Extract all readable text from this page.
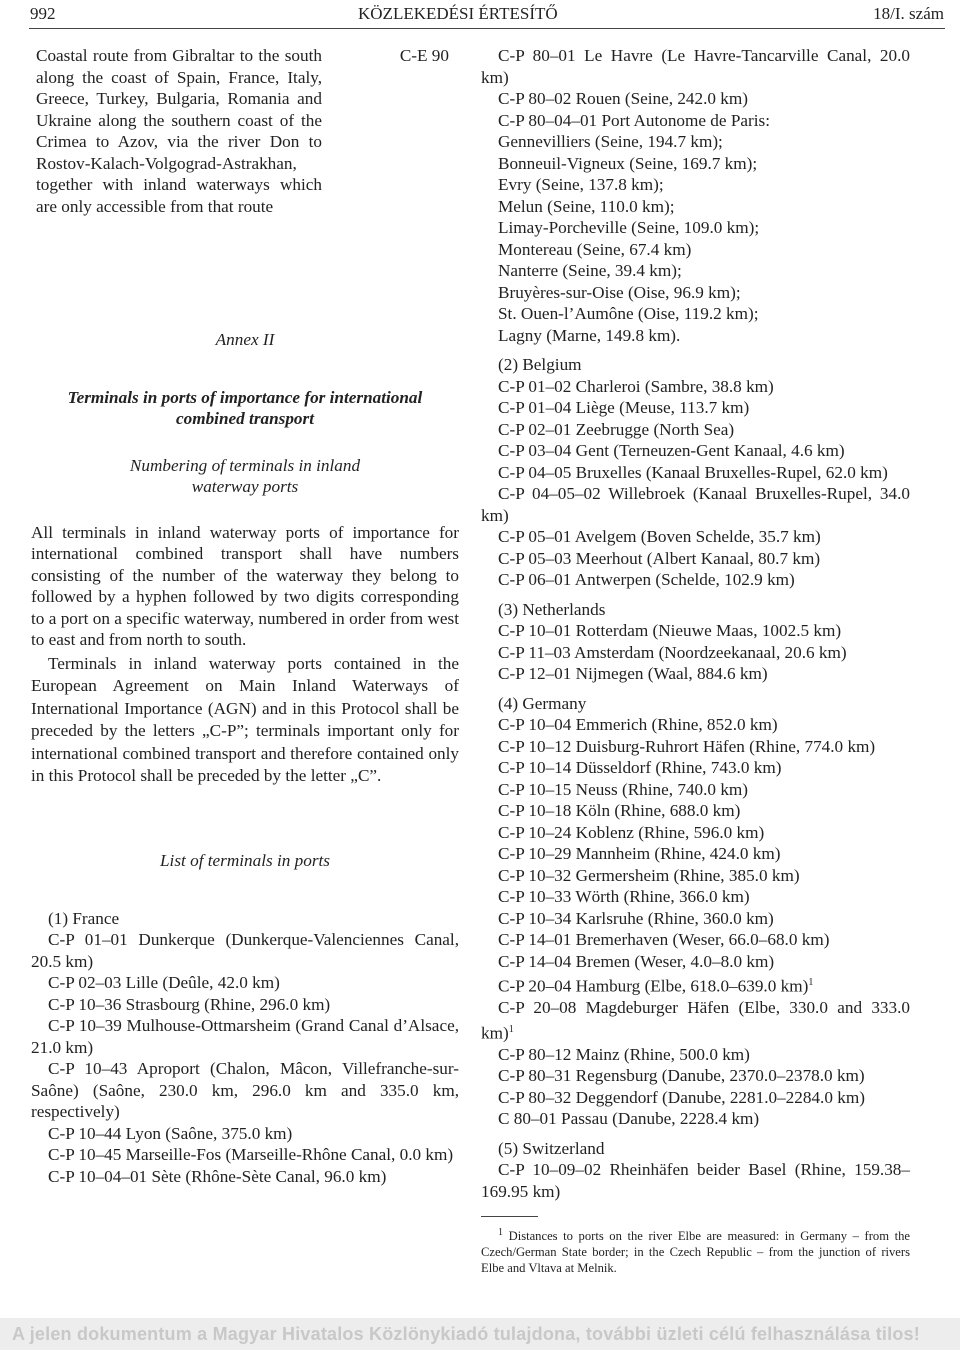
992	KÖZLEKEDÉSI ÉRTESÍTŐ	18/I. szám

Coastal route from Gibraltar to the south along the coast of Spain, France, Italy, Greece, Turkey, Bulgaria, Romania and Ukraine along the southern coast of the Crimea to Azov, via the river Don to Rostov-Kalach-Volgograd-Astrakhan, together with inland waterways which are only accessible from that route

C-E 90

Annex II

Terminals in ports of importance for international

combined transport

Numbering of terminals in inland

waterway ports

All terminals in inland waterway ports of importance for international combined transport shall have numbers consisting of the number of the waterway they belong to followed by a hyphen followed by two digits corresponding to a port on a specific waterway, numbered in order from west to east and from north to south.

Terminals in inland waterway ports contained in the European Agreement on Main Inland Waterways of International Importance (AGN) and in this Protocol shall be preceded by the letters „C-P”; terminals important only for international combined transport and therefore contained only in this Protocol shall be preceded by the letter „C”.

List of terminals in ports

(1) France

C-P 01–01 Dunkerque (Dunkerque-Valenciennes Canal, 20.5 km)

C-P 02–03 Lille (Deûle, 42.0 km)

C-P 10–36 Strasbourg (Rhine, 296.0 km)

C-P 10–39 Mulhouse-Ottmarsheim (Grand Canal d’Alsace, 21.0 km)

C-P 10–43 Aproport (Chalon, Mâcon, Villefranche-sur-Saône) (Saône, 230.0 km, 296.0 km and 335.0 km, respectively)

C-P 10–44 Lyon (Saône, 375.0 km)

C-P 10–45 Marseille-Fos (Marseille-Rhône Canal, 0.0 km)

C-P 10–04–01 Sète (Rhône-Sète Canal, 96.0 km)

C-P 80–01 Le Havre (Le Havre-Tancarville Canal, 20.0 km)

C-P 80–02 Rouen (Seine, 242.0 km)

C-P 80–04–01 Port Autonome de Paris:

Gennevilliers (Seine, 194.7 km);

Bonneuil-Vigneux (Seine, 169.7 km);

Evry (Seine, 137.8 km);

Melun (Seine, 110.0 km);

Limay-Porcheville (Seine, 109.0 km);

Montereau (Seine, 67.4 km)

Nanterre (Seine, 39.4 km);

Bruyères-sur-Oise (Oise, 96.9 km);

St. Ouen-l’Aumône (Oise, 119.2 km);

Lagny (Marne, 149.8 km).

(2) Belgium

C-P 01–02 Charleroi (Sambre, 38.8 km)

C-P 01–04 Liège (Meuse, 113.7 km)

C-P 02–01 Zeebrugge (North Sea)

C-P 03–04 Gent (Terneuzen-Gent Kanaal, 4.6 km)

C-P 04–05 Bruxelles (Kanaal Bruxelles-Rupel, 62.0 km)

C-P 04–05–02 Willebroek (Kanaal Bruxelles-Rupel, 34.0 km)

C-P 05–01 Avelgem (Boven Schelde, 35.7 km)

C-P 05–03 Meerhout (Albert Kanaal, 80.7 km)

C-P 06–01 Antwerpen (Schelde, 102.9 km)

(3) Netherlands

C-P 10–01 Rotterdam (Nieuwe Maas, 1002.5 km)

C-P 11–03 Amsterdam (Noordzeekanaal, 20.6 km)

C-P 12–01 Nijmegen (Waal, 884.6 km)

(4) Germany

C-P 10–04 Emmerich (Rhine, 852.0 km)

C-P 10–12 Duisburg-Ruhrort Häfen (Rhine, 774.0 km)

C-P 10–14 Düsseldorf (Rhine, 743.0 km)

C-P 10–15 Neuss (Rhine, 740.0 km)

C-P 10–18 Köln (Rhine, 688.0 km)

C-P 10–24 Koblenz (Rhine, 596.0 km)

C-P 10–29 Mannheim (Rhine, 424.0 km)

C-P 10–32 Germersheim (Rhine, 385.0 km)

C-P 10–33 Wörth (Rhine, 366.0 km)

C-P 10–34 Karlsruhe (Rhine, 360.0 km)

C-P 14–01 Bremerhaven (Weser, 66.0–68.0 km)

C-P 14–04 Bremen (Weser, 4.0–8.0 km)

C-P 20–04 Hamburg (Elbe, 618.0–639.0 km)$^1$

C-P 20–08 Magdeburger Häfen (Elbe, 330.0 and 333.0 km)$^1$

C-P 80–12 Mainz (Rhine, 500.0 km)

C-P 80–31 Regensburg (Danube, 2370.0–2378.0 km)

C-P 80–32 Deggendorf (Danube, 2281.0–2284.0 km)

C 80–01 Passau (Danube, 2228.4 km)

(5) Switzerland

C-P 10–09–02 Rheinhäfen beider Basel (Rhine, 159.38–169.95 km)

$^1$ Distances to ports on the river Elbe are measured: in Germany – from the Czech/German State border; in the Czech Republic – from the junction of rivers Elbe and Vltava at Melnik.

A jelen dokumentum a Magyar Hivatalos Közlönykiadó tulajdona, további üzleti célú felhasználása tilos!
